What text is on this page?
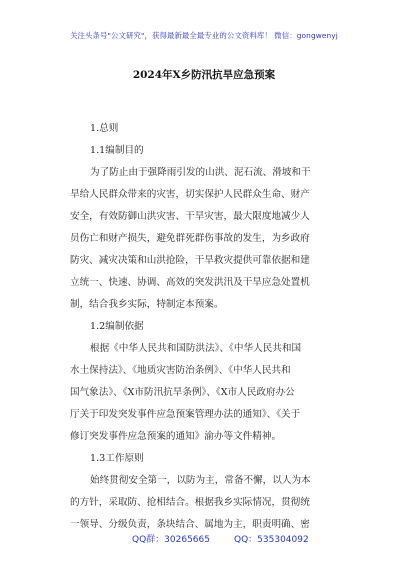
关注头条号"公文研究"，获得最新最全最专业的公文资料库！ 微信：gongwenyj
2024年X乡防汛抗旱应急预案
1.总则
1.1编制目的
为了防止由于强降雨引发的山洪、泥石流、滑坡和干
旱给人民群众带来的灾害，切实保护人民群众生命、财产
安全，有效防御山洪灾害、干旱灾害，最大限度地减少人
员伤亡和财产损失，避免群死群伤事故的发生，为乡政府
防灾、减灾决策和山洪抢险，干旱救灾提供可靠依据和建
立统一、快速、协调、高效的突发洪汛及干旱应急处置机
制，结合我乡实际，特制定本预案。
1.2编制依据
根据《中华人民共和国防洪法》、《中华人民共和国
水土保持法》、《地质灾害防治条例》、《中华人民共和
国气象法》、《X市防汛抗旱条例》、《X市人民政府办公
厅关于印发突发事件应急预案管理办法的通知》、《关于
修订突发事件应急预案的通知》渝办等文件精神。
1.3工作原则
始终贯彻安全第一，以防为主，常备不懈，以人为本
的方针，采取防、抢相结合。根据我乡实际情况，贯彻统
一领导、分级负责，条块结合、属地为主，职责明确、密
QQ群：30265665	QQ：535304092
